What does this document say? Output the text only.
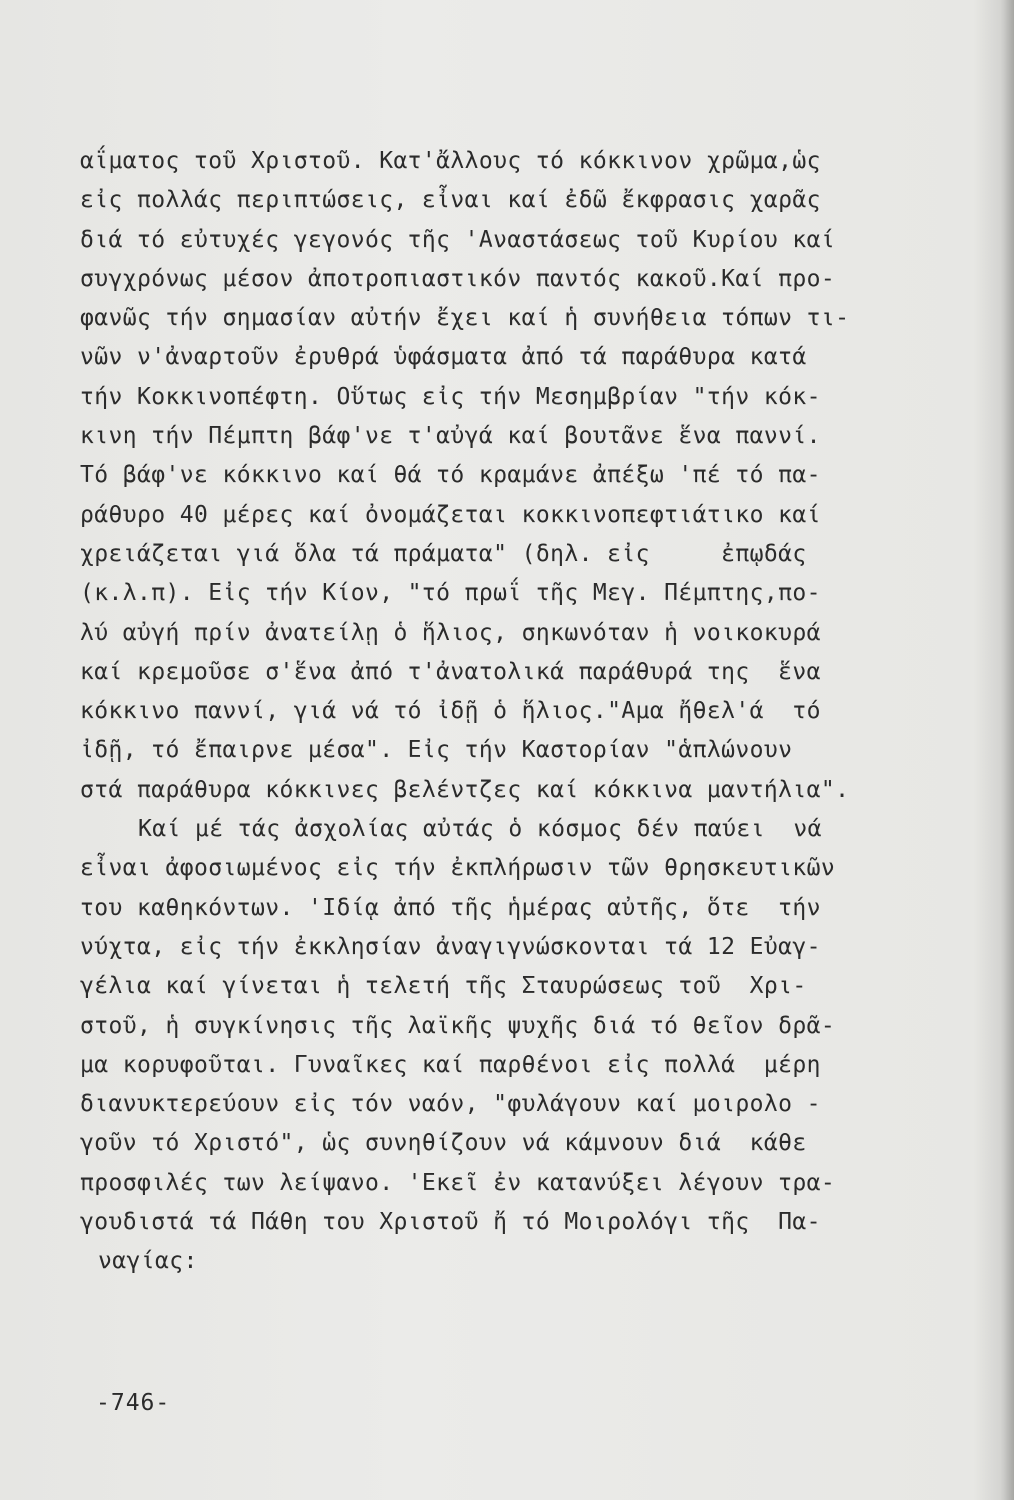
αΐματος τοῦ Χριστοῦ. Κατ'ἄλλους τό κόκκινον χρῶμα,ὡς
εἰς πολλάς περιπτώσεις, εἶναι καί ἐδῶ ἔκφρασις χαρᾶς
διά τό εὐτυχές γεγονός τῆς 'Αναστάσεως τοῦ Κυρίου καί
συγχρόνως μέσον ἀποτροπιαστικόν παντός κακοῦ.Καί προ-
φανῶς τήν σημασίαν αὐτήν ἔχει καί ἡ συνήθεια τόπων τι-
νῶν ν'ἀναρτοῦν ἐρυθρά ὑφάσματα ἀπό τά παράθυρα κατά
τήν Κοκκινοπέφτη. Οὕτως εἰς τήν Μεσημβρίαν "τήν κόκ-
κινη τήν Πέμπτη βάφ'νε τ'αὐγά καί βουτᾶνε ἕνα παννί.
Τό βάφ'νε κόκκινο καί θά τό κραμάνε ἀπέξω 'πέ τό πα-
ράθυρο 40 μέρες καί ὀνομάζεται κοκκινοπεφτιάτικο καί
χρειάζεται γιά ὅλα τά πράματα" (δηλ. εἰς     ἐπῳδάς
(κ.λ.π). Εἰς τήν Κίον, "τό πρωΐ τῆς Μεγ. Πέμπτης,πο-
λύ αὐγή πρίν ἀνατείλῃ ὁ ἥλιος, σηκωνόταν ἡ νοικοκυρά
καί κρεμοῦσε σ'ἕνα ἀπό τ'ἀνατολικά παράθυρά της  ἕνα
κόκκινο παννί, γιά νά τό ἰδῇ ὁ ἥλιος."Αμα ἤθελ'ά  τό
ἰδῇ, τό ἔπαιρνε μέσα". Εἰς τήν Καστορίαν "ἁπλώνουν
στά παράθυρα κόκκινες βελέντζες καί κόκκινα μαντήλια".
Καί μέ τάς ἀσχολίας αὐτάς ὁ κόσμος δέν παύει  νά
εἶναι ἀφοσιωμένος εἰς τήν ἐκπλήρωσιν τῶν θρησκευτικῶν
του καθηκόντων. 'Ιδίᾳ ἀπό τῆς ἡμέρας αὐτῆς, ὅτε  τήν
νύχτα, εἰς τήν ἐκκλησίαν ἀναγιγνώσκονται τά 12 Εὐαγ-
γέλια καί γίνεται ἡ τελετή τῆς Σταυρώσεως τοῦ  Χρι-
στοῦ, ἡ συγκίνησις τῆς λαϊκῆς ψυχῆς διά τό θεῖον δρᾶ-
μα κορυφοῦται. Γυναῖκες καί παρθένοι εἰς πολλά  μέρη
διανυκτερεύουν εἰς τόν ναόν, "φυλάγουν καί μοιρολο -
γοῦν τό Χριστό", ὡς συνηθίζουν νά κάμνουν διά  κάθε
προσφιλές των λείψανο. 'Εκεῖ ἐν κατανύξει λέγουν τρα-
γουδιστά τά Πάθη του Χριστοῦ ἤ τό Μοιρολόγι τῆς  Πα-
ναγίας:
-746-
